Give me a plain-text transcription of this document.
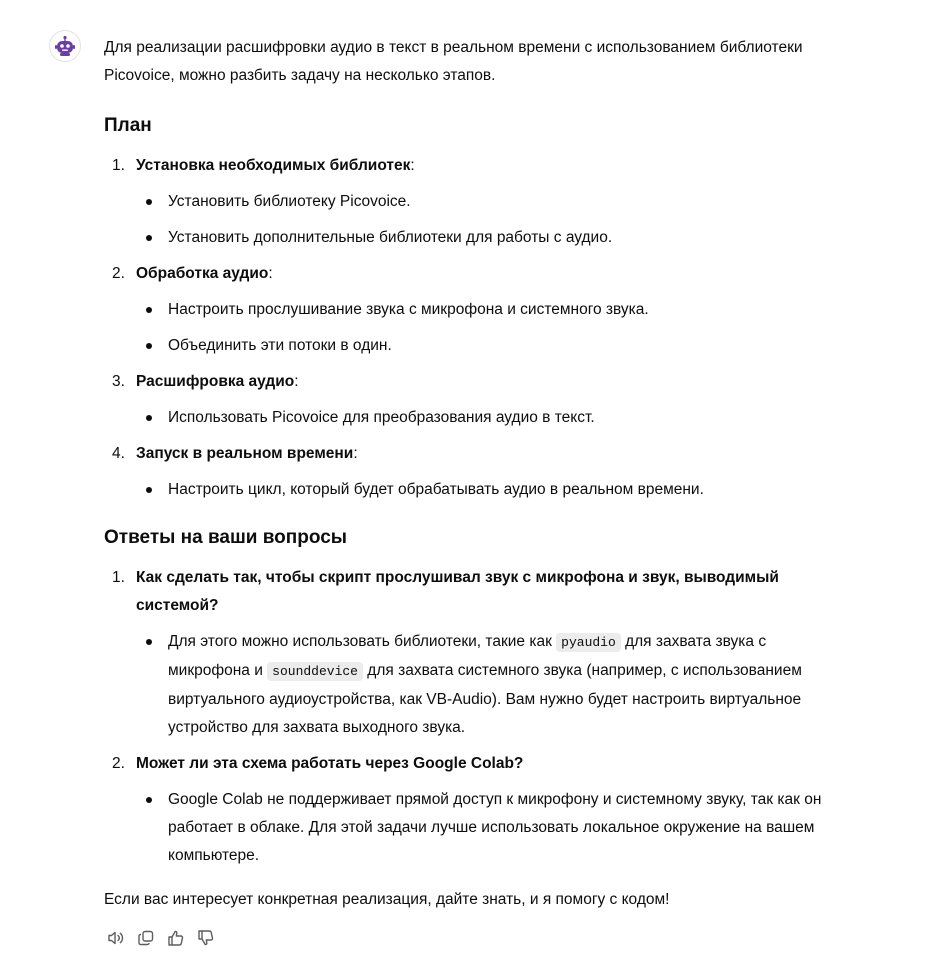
Для реализации расшифровки аудио в текст в реальном времени с использованием библиотеки Picovoice, можно разбить задачу на несколько этапов.

План
1. Установка необходимых библиотек:
Установить библиотеку Picovoice.
Установить дополнительные библиотеки для работы с аудио.
2. Обработка аудио:
Настроить прослушивание звука с микрофона и системного звука.
Объединить эти потоки в один.
3. Расшифровка аудио:
Использовать Picovoice для преобразования аудио в текст.
4. Запуск в реальном времени:
Настроить цикл, который будет обрабатывать аудио в реальном времени.
Ответы на ваши вопросы
1. Как сделать так, чтобы скрипт прослушивал звук с микрофона и звук, выводимый системой?
Для этого можно использовать библиотеки, такие как pyaudio для захвата звука с микрофона и sounddevice для захвата системного звука (например, с использованием виртуального аудиоустройства, как VB-Audio). Вам нужно будет настроить виртуальное устройство для захвата выходного звука.
2. Может ли эта схема работать через Google Colab?
Google Colab не поддерживает прямой доступ к микрофону и системному звуку, так как он работает в облаке. Для этой задачи лучше использовать локальное окружение на вашем компьютере.

Если вас интересует конкретная реализация, дайте знать, и я помогу с кодом!
